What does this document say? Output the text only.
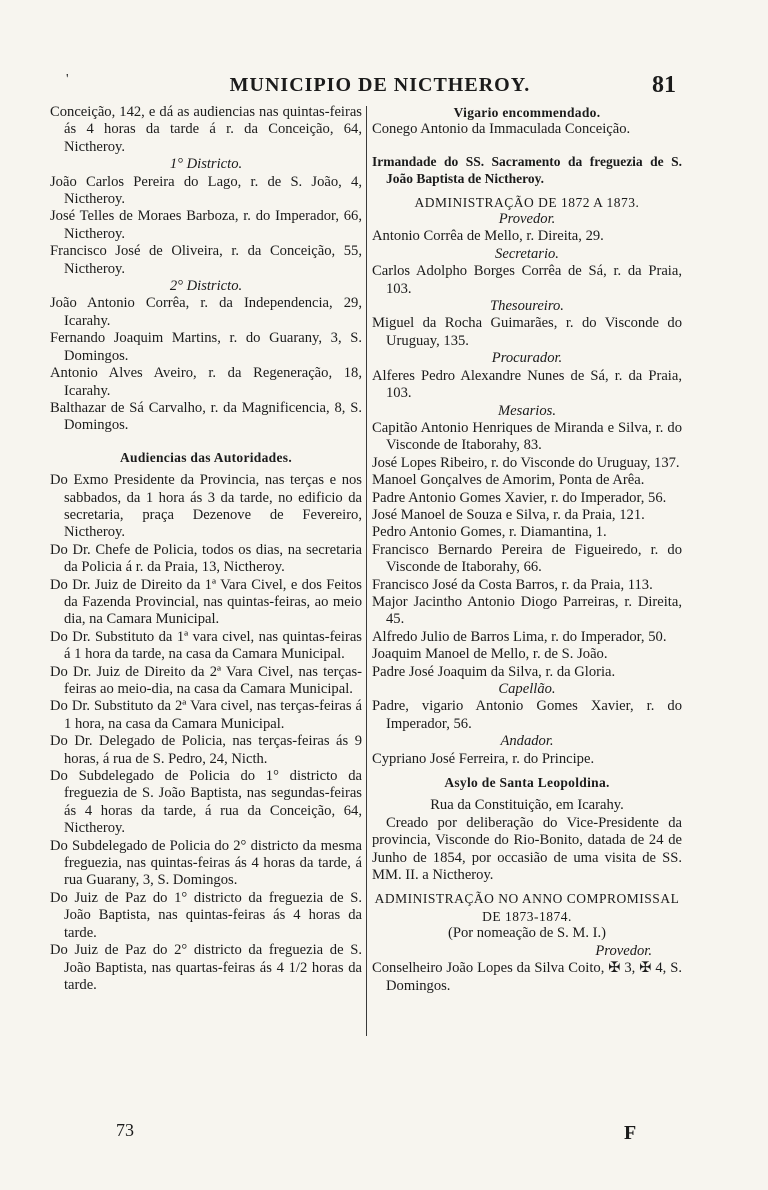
'	MUNICIPIO DE NICTHEROY.	81

Conceição, 142, e dá as audiencias nas quintas-feiras ás 4 horas da tarde á r. da Conceição, 64, Nictheroy.

1° Districto.

João Carlos Pereira do Lago, r. de S. João, 4, Nictheroy.

José Telles de Moraes Barboza, r. do Imperador, 66, Nictheroy.

Francisco José de Oliveira, r. da Conceição, 55, Nictheroy.

2° Districto.

João Antonio Corrêa, r. da Independencia, 29, Icarahy.

Fernando Joaquim Martins, r. do Guarany, 3, S. Domingos.

Antonio Alves Aveiro, r. da Regeneração, 18, Icarahy.

Balthazar de Sá Carvalho, r. da Magnificencia, 8, S. Domingos.

Audiencias das Autoridades.

Do Exmo Presidente da Provincia, nas terças e nos sabbados, da 1 hora ás 3 da tarde, no edificio da secretaria, praça Dezenove de Fevereiro, Nictheroy.

Do Dr. Chefe de Policia, todos os dias, na secretaria da Policia á r. da Praia, 13, Nictheroy.

Do Dr. Juiz de Direito da 1ª Vara Civel, e dos Feitos da Fazenda Provincial, nas quintas-feiras, ao meio dia, na Camara Municipal.

Do Dr. Substituto da 1ª vara civel, nas quintas-feiras á 1 hora da tarde, na casa da Camara Municipal.

Do Dr. Juiz de Direito da 2ª Vara Civel, nas terças-feiras ao meio-dia, na casa da Camara Municipal.

Do Dr. Substituto da 2ª Vara civel, nas terças-feiras á 1 hora, na casa da Camara Municipal.

Do Dr. Delegado de Policia, nas terças-feiras ás 9 horas, á rua de S. Pedro, 24, Nicth.

Do Subdelegado de Policia do 1° districto da freguezia de S. João Baptista, nas segundas-feiras ás 4 horas da tarde, á rua da Conceição, 64, Nictheroy.

Do Subdelegado de Policia do 2° districto da mesma freguezia, nas quintas-feiras ás 4 horas da tarde, á rua Guarany, 3, S. Domingos.

Do Juiz de Paz do 1° districto da freguezia de S. João Baptista, nas quintas-feiras ás 4 horas da tarde.

Do Juiz de Paz do 2° districto da freguezia de S. João Baptista, nas quartas-feiras ás 4 1/2 horas da tarde.

Vigario encommendado.

Conego Antonio da Immaculada Conceição.

Irmandade do SS. Sacramento da freguezia de S. João Baptista de Nictheroy.

ADMINISTRAÇÃO DE 1872 A 1873.

Provedor.

Antonio Corrêa de Mello, r. Direita, 29.

Secretario.

Carlos Adolpho Borges Corrêa de Sá, r. da Praia, 103.

Thesoureiro.

Miguel da Rocha Guimarães, r. do Visconde do Uruguay, 135.

Procurador.

Alferes Pedro Alexandre Nunes de Sá, r. da Praia, 103.

Mesarios.

Capitão Antonio Henriques de Miranda e Silva, r. do Visconde de Itaborahy, 83.

José Lopes Ribeiro, r. do Visconde do Uruguay, 137.

Manoel Gonçalves de Amorim, Ponta de Arêa.

Padre Antonio Gomes Xavier, r. do Imperador, 56.

José Manoel de Souza e Silva, r. da Praia, 121.

Pedro Antonio Gomes, r. Diamantina, 1.

Francisco Bernardo Pereira de Figueiredo, r. do Visconde de Itaborahy, 66.

Francisco José da Costa Barros, r. da Praia, 113.

Major Jacintho Antonio Diogo Parreiras, r. Direita, 45.

Alfredo Julio de Barros Lima, r. do Imperador, 50.

Joaquim Manoel de Mello, r. de S. João.

Padre José Joaquim da Silva, r. da Gloria.

Capellão.

Padre, vigario Antonio Gomes Xavier, r. do Imperador, 56.

Andador.

Cypriano José Ferreira, r. do Principe.

Asylo de Santa Leopoldina.

Rua da Constituição, em Icarahy.

Creado por deliberação do Vice-Presidente da provincia, Visconde do Rio-Bonito, datada de 24 de Junho de 1854, por occasião de uma visita de SS. MM. II. a Nictheroy.

ADMINISTRAÇÃO NO ANNO COMPROMISSAL DE 1873-1874.

(Por nomeação de S. M. I.)

Provedor.

Conselheiro João Lopes da Silva Coito, ✠ 3, ✠ 4, S. Domingos.

73	F
